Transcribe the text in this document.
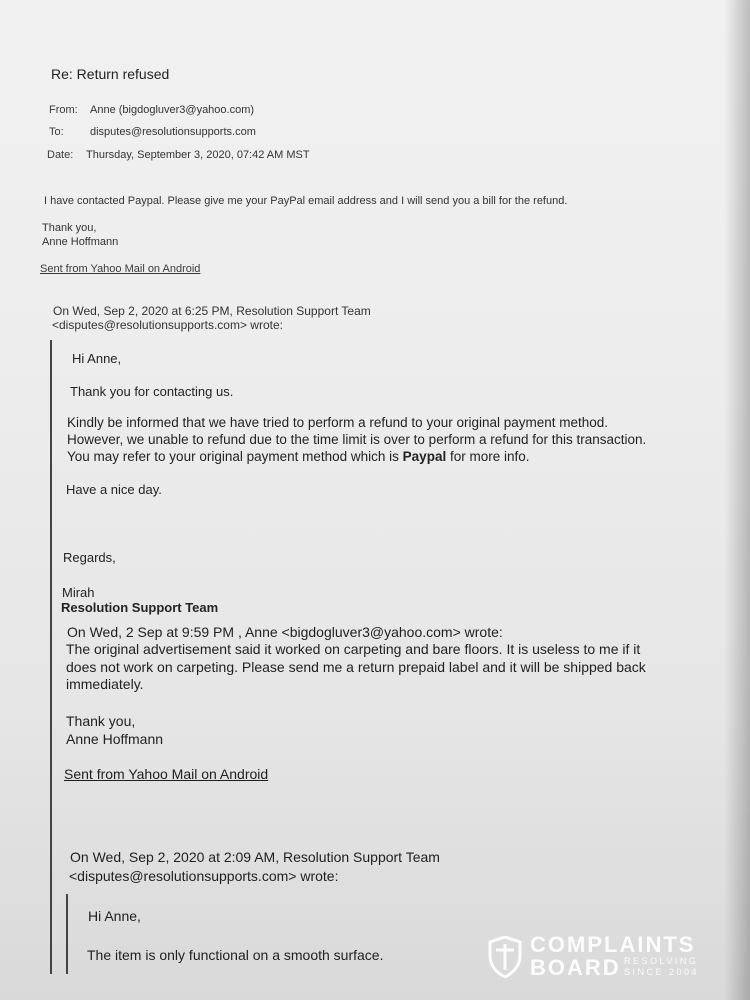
Re: Return refused

From: Anne (bigdogluver3@yahoo.com)

To: disputes@resolutionsupports.com

Date: Thursday, September 3, 2020, 07:42 AM MST

I have contacted Paypal. Please give me your PayPal email address and I will send you a bill for the refund.

Thank you,

Anne Hoffmann

Sent from Yahoo Mail on Android

On Wed, Sep 2, 2020 at 6:25 PM, Resolution Support Team

<disputes@resolutionsupports.com> wrote:

Hi Anne,

Thank you for contacting us.

Kindly be informed that we have tried to perform a refund to your original payment method.
However, we unable to refund due to the time limit is over to perform a refund for this transaction.
You may refer to your original payment method which is Paypal for more info.

Have a nice day.

Regards,

Mirah

Resolution Support Team

On Wed, 2 Sep at 9:59 PM , Anne <bigdogluver3@yahoo.com> wrote:

The original advertisement said it worked on carpeting and bare floors. It is useless to me if it
does not work on carpeting. Please send me a return prepaid label and it will be shipped back
immediately.

Thank you,

Anne Hoffmann

Sent from Yahoo Mail on Android

On Wed, Sep 2, 2020 at 2:09 AM, Resolution Support Team

<disputes@resolutionsupports.com> wrote:

Hi Anne,

The item is only functional on a smooth surface.	COMPLAINTS
BOARD RESOLVING
SINCE 2004
